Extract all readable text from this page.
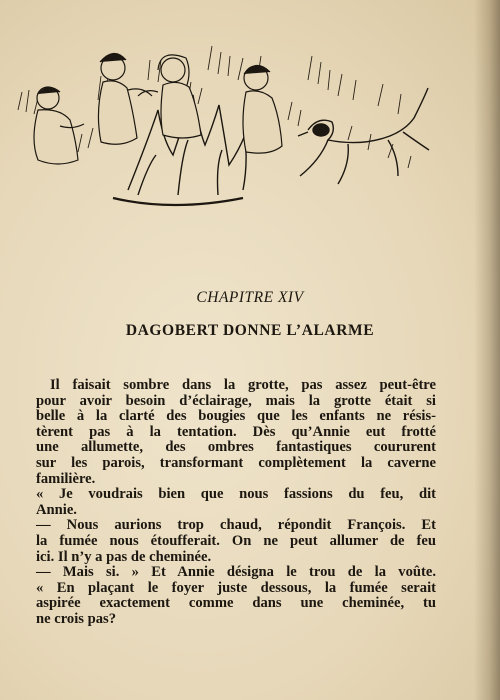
CHAPITRE XIV
DAGOBERT DONNE L’ALARME
Il faisait sombre dans la grotte, pas assez peut-être
pour avoir besoin d’éclairage, mais la grotte était si
belle à la clarté des bougies que les enfants ne résis-
tèrent pas à la tentation. Dès qu’Annie eut frotté
une allumette, des ombres fantastiques coururent
sur les parois, transformant complètement la caverne
familière.
« Je voudrais bien que nous fassions du feu, dit
Annie.
— Nous aurions trop chaud, répondit François. Et
la fumée nous étoufferait. On ne peut allumer de feu
ici. Il n’y a pas de cheminée.
— Mais si. » Et Annie désigna le trou de la voûte.
« En plaçant le foyer juste dessous, la fumée serait
aspirée exactement comme dans une cheminée, tu
ne crois pas?
